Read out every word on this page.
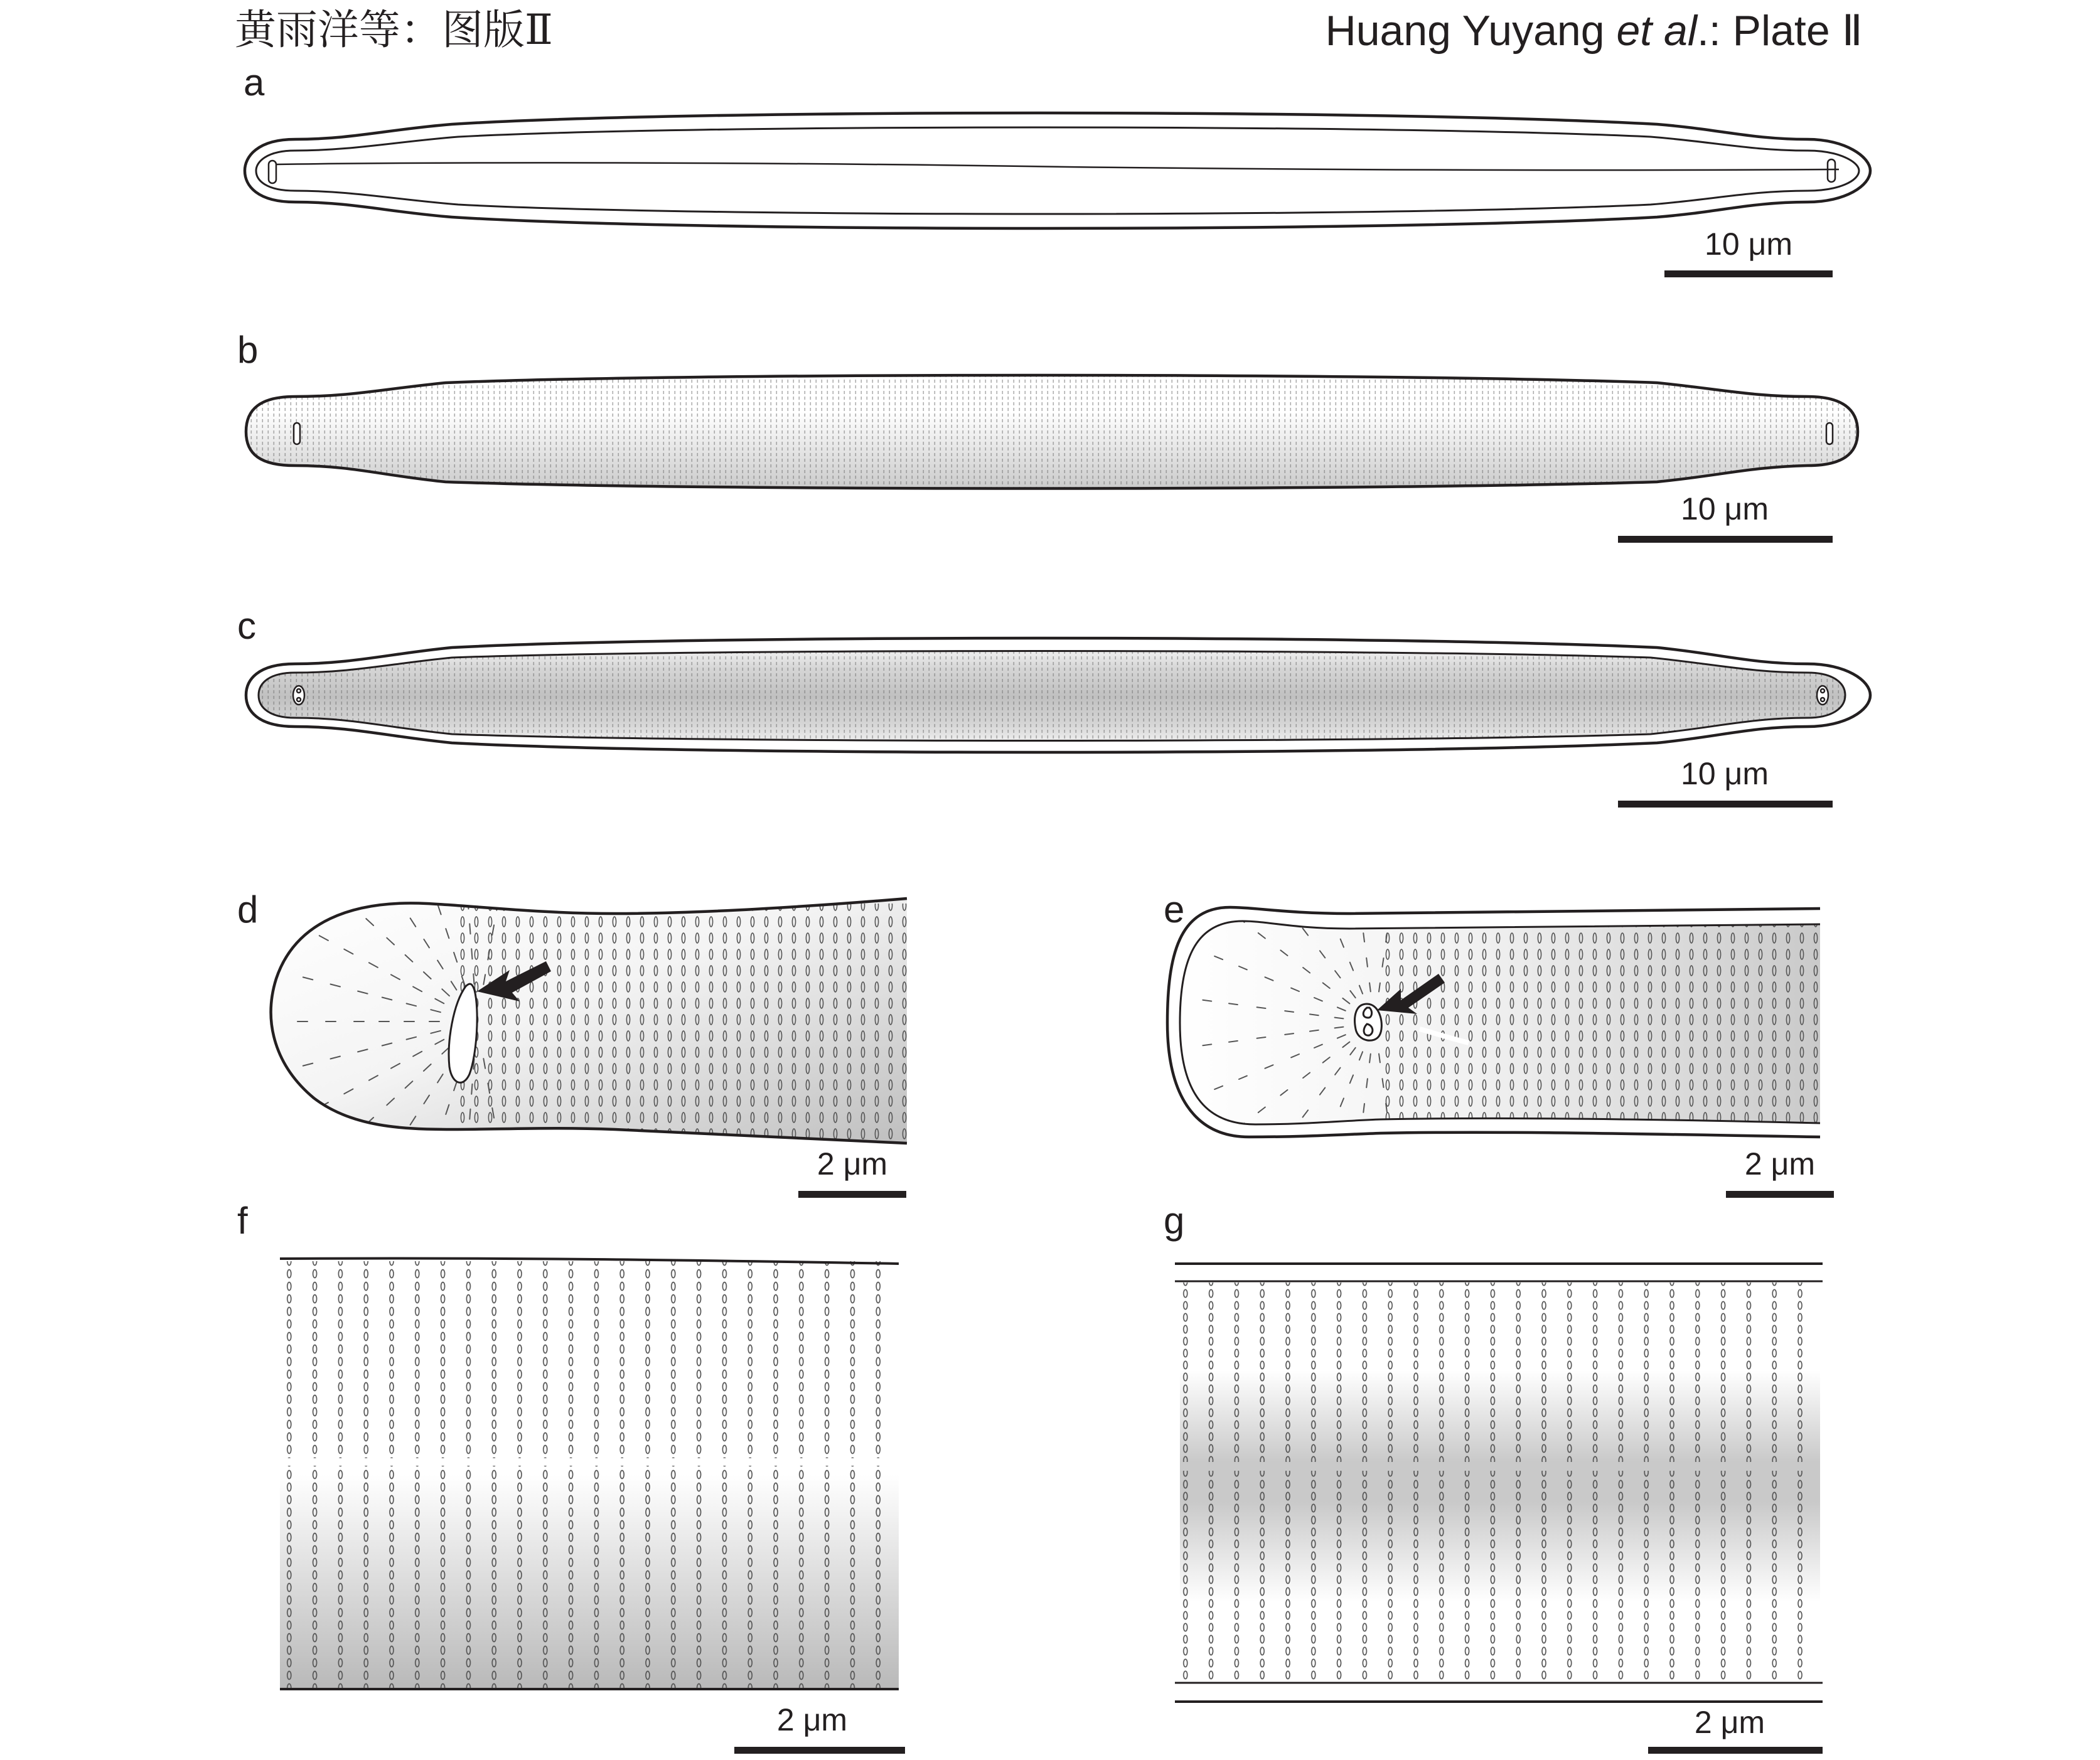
黄雨洋等：图版Ⅱ	Huang Yuyang et al.: Plate Ⅱ
a
10 μm
b
10 μm
c
10 μm
d
2 μm
e
2 μm
f
2 μm
g
2 μm
